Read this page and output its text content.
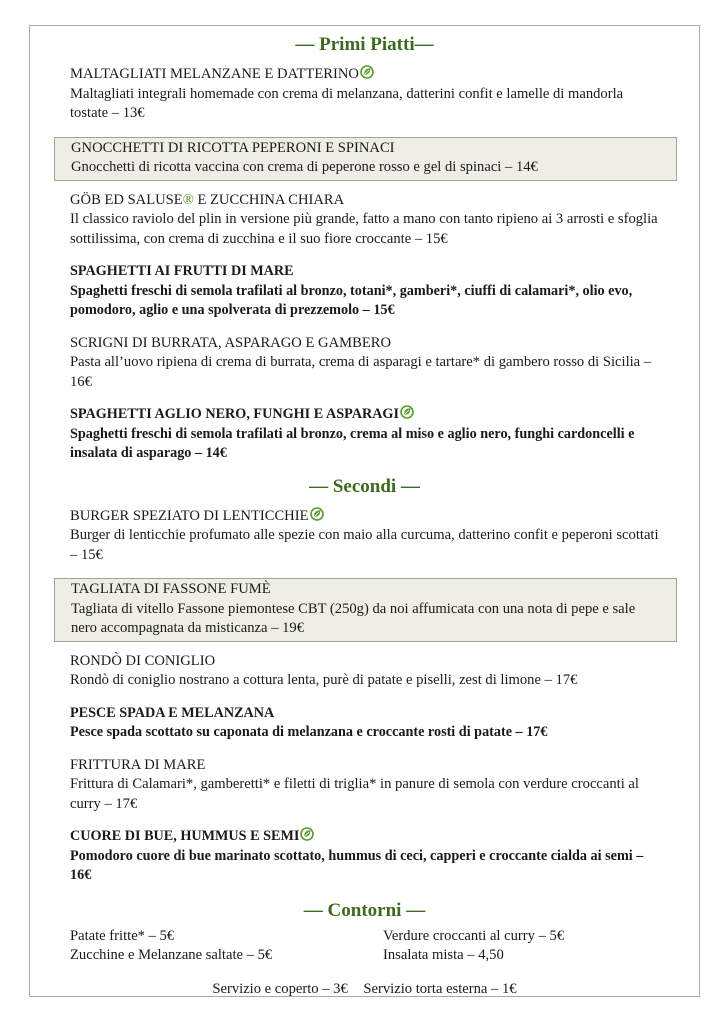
— Primi Piatti—
MALTAGLIATI MELANZANE E DATTERINO
Maltagliati integrali homemade con crema di melanzana, datterini confit e lamelle di mandorla tostate – 13€
GNOCCHETTI DI RICOTTA PEPERONI E SPINACI
Gnocchetti di ricotta vaccina con crema di peperone rosso e gel di spinaci – 14€
GÖB ED SALUSE® E ZUCCHINA CHIARA
Il classico raviolo del plin in versione più grande, fatto a mano con tanto ripieno ai 3 arrosti e sfoglia sottilissima, con crema di zucchina e il suo fiore croccante – 15€
SPAGHETTI AI FRUTTI DI MARE
Spaghetti freschi di semola trafilati al bronzo, totani*, gamberi*, ciuffi di calamari*, olio evo, pomodoro, aglio e una spolverata di prezzemolo – 15€
SCRIGNI DI BURRATA, ASPARAGO E GAMBERO
Pasta all’uovo ripiena di crema di burrata, crema di asparagi e tartare* di gambero rosso di Sicilia – 16€
SPAGHETTI AGLIO NERO, FUNGHI E ASPARAGI
Spaghetti freschi di semola trafilati al bronzo, crema al miso e aglio nero, funghi cardoncelli e insalata di asparago – 14€
— Secondi —
BURGER SPEZIATO DI LENTICCHIE
Burger di lenticchie profumato alle spezie con maio alla curcuma, datterino confit e peperoni scottati – 15€
TAGLIATA DI FASSONE FUMÈ
Tagliata di vitello Fassone piemontese CBT (250g) da noi affumicata con una nota di pepe e sale nero accompagnata da misticanza – 19€
RONDÒ DI CONIGLIO
Rondò di coniglio nostrano a cottura lenta, purè di patate e piselli, zest di limone – 17€
PESCE SPADA E MELANZANA
Pesce spada scottato su caponata di melanzana e croccante rosti di patate – 17€
FRITTURA DI MARE
Frittura di Calamari*, gamberetti* e filetti di triglia* in panure di semola con verdure croccanti al curry – 17€
CUORE DI BUE, HUMMUS E SEMI
Pomodoro cuore di bue marinato scottato, hummus di ceci, capperi e croccante cialda ai semi – 16€
— Contorni —
Patate fritte* – 5€	Verdure croccanti al curry – 5€
Zucchine e Melanzane saltate – 5€	Insalata mista – 4,50
Servizio e coperto – 3€ Servizio torta esterna – 1€
